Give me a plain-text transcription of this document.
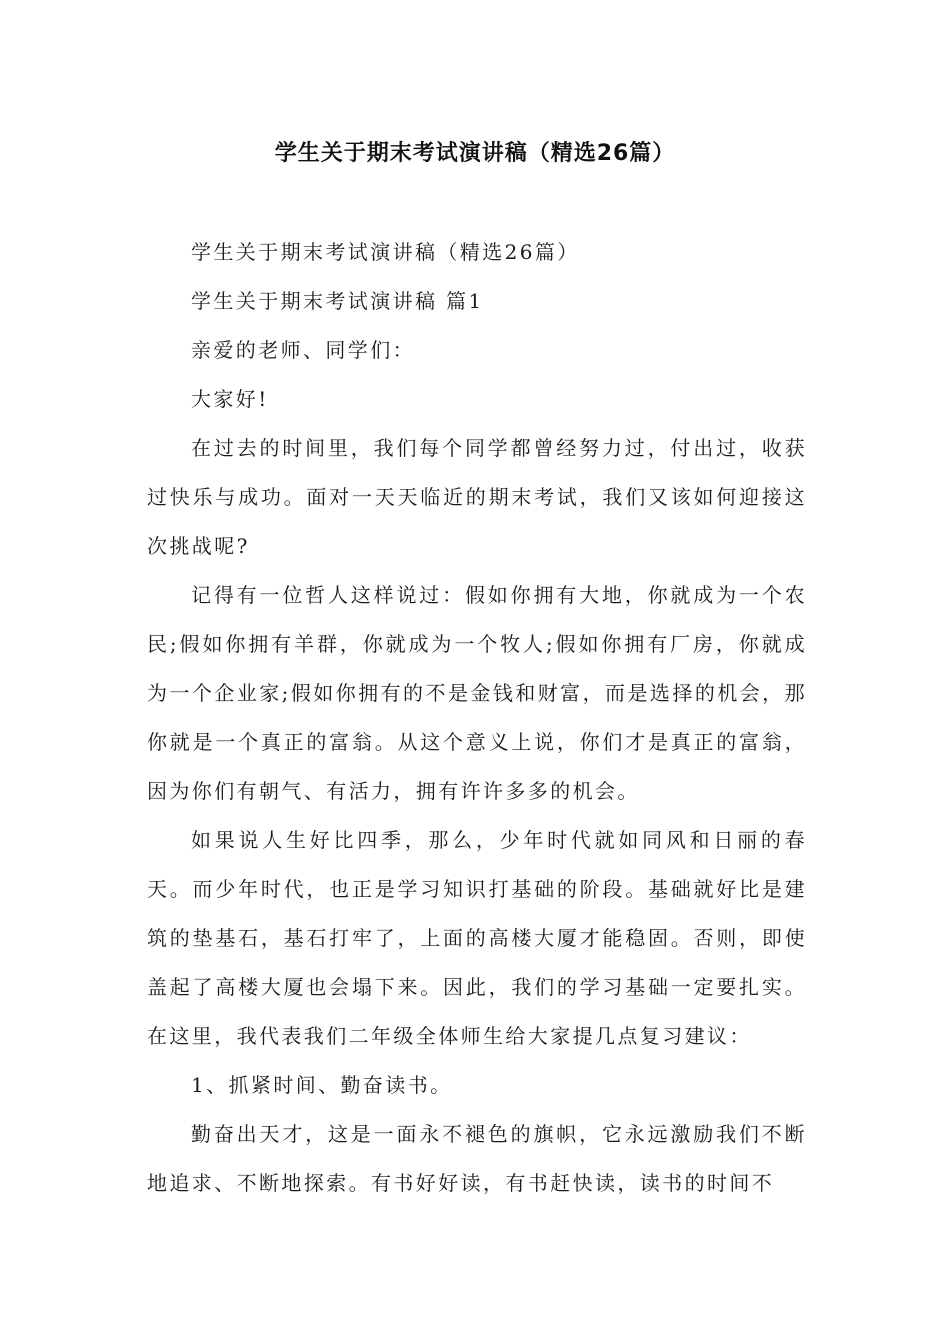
学生关于期末考试演讲稿（精选26篇）

学生关于期末考试演讲稿（精选26篇）

学生关于期末考试演讲稿 篇1

亲爱的老师、同学们：

大家好!

在过去的时间里，我们每个同学都曾经努力过，付出过，收获过快乐与成功。面对一天天临近的期末考试，我们又该如何迎接这次挑战呢?

记得有一位哲人这样说过：假如你拥有大地，你就成为一个农民;假如你拥有羊群，你就成为一个牧人;假如你拥有厂房，你就成为一个企业家;假如你拥有的不是金钱和财富，而是选择的机会，那你就是一个真正的富翁。从这个意义上说，你们才是真正的富翁，因为你们有朝气、有活力，拥有许许多多的机会。

如果说人生好比四季，那么，少年时代就如同风和日丽的春天。而少年时代，也正是学习知识打基础的阶段。基础就好比是建筑的垫基石，基石打牢了，上面的高楼大厦才能稳固。否则，即使盖起了高楼大厦也会塌下来。因此，我们的学习基础一定要扎实。在这里，我代表我们二年级全体师生给大家提几点复习建议：

1、抓紧时间、勤奋读书。

勤奋出天才，这是一面永不褪色的旗帜，它永远激励我们不断地追求、不断地探索。有书好好读，有书赶快读，读书的时间不
